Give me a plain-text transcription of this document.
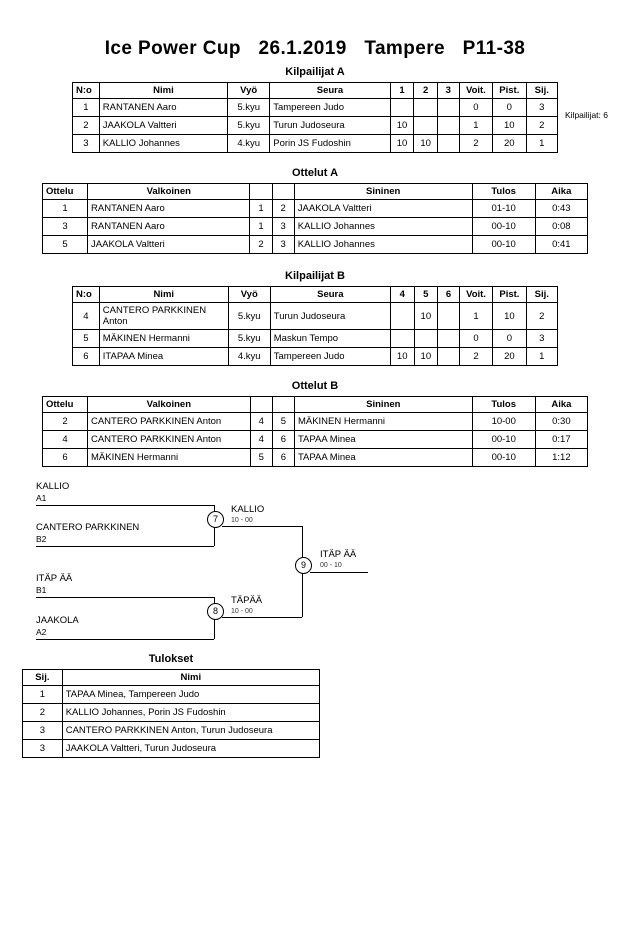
Ice Power Cup 26.1.2019 Tampere P11-38
Kilpailijat A
Kilpailijat: 6
N:o	Nimi	Vyö	Seura	1	2	3	Voit.	Pist.	Sij.
1	RANTANEN Aaro	5.kyu	Tampereen Judo				0	0	3
2	JAAKOLA Valtteri	5.kyu	Turun Judoseura	10			1	10	2
3	KALLIO Johannes	4.kyu	Porin JS Fudoshin	10	10		2	20	1
Ottelut A
Ottelu	Valkoinen			Sininen	Tulos	Aika
1	RANTANEN Aaro	1	2	JAAKOLA Valtteri	01-10	0:43
3	RANTANEN Aaro	1	3	KALLIO Johannes	00-10	0:08
5	JAAKOLA Valtteri	2	3	KALLIO Johannes	00-10	0:41
Kilpailijat B
N:o	Nimi	Vyö	Seura	4	5	6	Voit.	Pist.	Sij.
4	CANTERO PARKKINEN Anton	5.kyu	Turun Judoseura		10		1	10	2
5	MÄKINEN Hermanni	5.kyu	Maskun Tempo				0	0	3
6	ITAPAA Minea	4.kyu	Tampereen Judo	10	10		2	20	1
Ottelut B
Ottelu	Valkoinen			Sininen	Tulos	Aika
2	CANTERO PARKKINEN Anton	4	5	MÄKINEN Hermanni	10-00	0:30
4	CANTERO PARKKINEN Anton	4	6	TAPAA Minea	00-10	0:17
6	MÄKINEN Hermanni	5	6	TAPAA Minea	00-10	1:12
KALLIO
A1
CANTERO PARKKINEN
B2
7
KALLIO
10 - 00
ITÄP ÄÄ
B1
JAAKOLA
A2
8
TÄPÄÄ
10 - 00
9
ITÄP ÄÄ
00 - 10
Tulokset
Sij.	Nimi
1	TAPAA Minea, Tampereen Judo
2	KALLIO Johannes, Porin JS Fudoshin
3	CANTERO PARKKINEN Anton, Turun Judoseura
3	JAAKOLA Valtteri, Turun Judoseura
